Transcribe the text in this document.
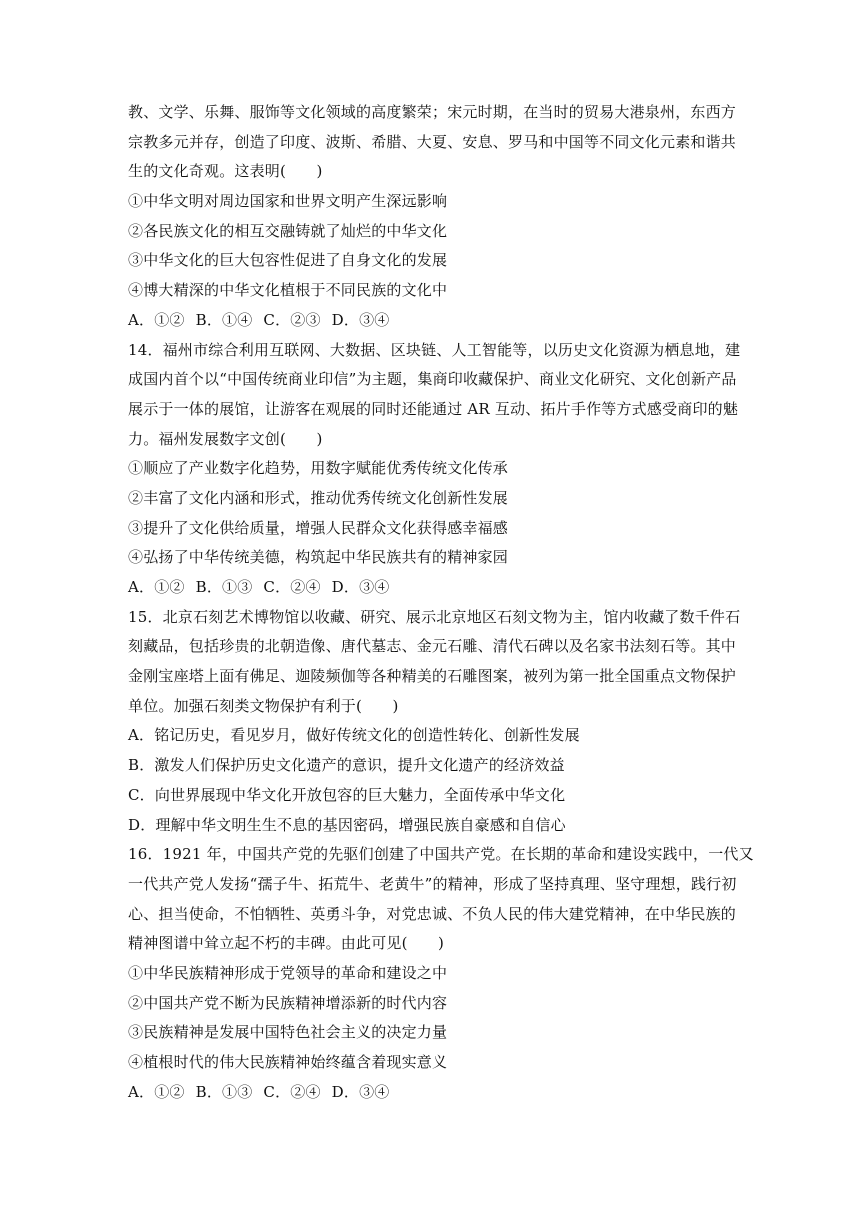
教、文学、乐舞、服饰等文化领域的高度繁荣；宋元时期，在当时的贸易大港泉州，东西方
宗教多元并存，创造了印度、波斯、希腊、大夏、安息、罗马和中国等不同文化元素和谐共
生的文化奇观。这表明(　　)
①中华文明对周边国家和世界文明产生深远影响
②各民族文化的相互交融铸就了灿烂的中华文化
③中华文化的巨大包容性促进了自身文化的发展
④博大精深的中华文化植根于不同民族的文化中
A．①② B．①④ C．②③ D．③④
14．福州市综合利用互联网、大数据、区块链、人工智能等，以历史文化资源为栖息地，建
成国内首个以“中国传统商业印信”为主题，集商印收藏保护、商业文化研究、文化创新产品
展示于一体的展馆，让游客在观展的同时还能通过 AR 互动、拓片手作等方式感受商印的魅
力。福州发展数字文创(　　)
①顺应了产业数字化趋势，用数字赋能优秀传统文化传承
②丰富了文化内涵和形式，推动优秀传统文化创新性发展
③提升了文化供给质量，增强人民群众文化获得感幸福感
④弘扬了中华传统美德，构筑起中华民族共有的精神家园
A．①② B．①③ C．②④ D．③④
15．北京石刻艺术博物馆以收藏、研究、展示北京地区石刻文物为主，馆内收藏了数千件石
刻藏品，包括珍贵的北朝造像、唐代墓志、金元石雕、清代石碑以及名家书法刻石等。其中
金刚宝座塔上面有佛足、迦陵频伽等各种精美的石雕图案，被列为第一批全国重点文物保护
单位。加强石刻类文物保护有利于(　　)
A．铭记历史，看见岁月，做好传统文化的创造性转化、创新性发展
B．激发人们保护历史文化遗产的意识，提升文化遗产的经济效益
C．向世界展现中华文化开放包容的巨大魅力，全面传承中华文化
D．理解中华文明生生不息的基因密码，增强民族自豪感和自信心
16．1921 年，中国共产党的先驱们创建了中国共产党。在长期的革命和建设实践中，一代又
一代共产党人发扬“孺子牛、拓荒牛、老黄牛”的精神，形成了坚持真理、坚守理想，践行初
心、担当使命，不怕牺牲、英勇斗争，对党忠诚、不负人民的伟大建党精神，在中华民族的
精神图谱中耸立起不朽的丰碑。由此可见(　　)
①中华民族精神形成于党领导的革命和建设之中
②中国共产党不断为民族精神增添新的时代内容
③民族精神是发展中国特色社会主义的决定力量
④植根时代的伟大民族精神始终蕴含着现实意义
A．①② B．①③ C．②④ D．③④
